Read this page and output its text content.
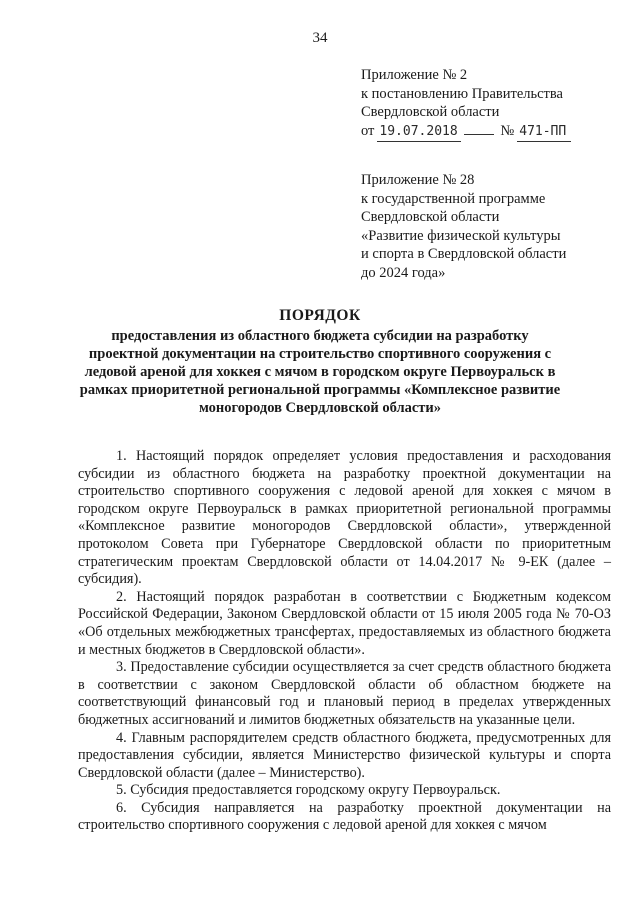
34
Приложение № 2
к постановлению Правительства
Свердловской области
от 19.07.2018	№ 471-ПП
Приложение № 28
к государственной программе
Свердловской области
«Развитие физической культуры
и спорта в Свердловской области
до 2024 года»
ПОРЯДОК
предоставления из областного бюджета субсидии на разработку проектной документации на строительство спортивного сооружения с ледовой ареной для хоккея с мячом в городском округе Первоуральск в рамках приоритетной региональной программы «Комплексное развитие моногородов Свердловской области»

1. Настоящий порядок определяет условия предоставления и расходования субсидии из областного бюджета на разработку проектной документации на строительство спортивного сооружения с ледовой ареной для хоккея с мячом в городском округе Первоуральск в рамках приоритетной региональной программы «Комплексное развитие моногородов Свердловской области», утвержденной протоколом Совета при Губернаторе Свердловской области по приоритетным стратегическим проектам Свердловской области от 14.04.2017 № 9-ЕК (далее – субсидия).

2. Настоящий порядок разработан в соответствии с Бюджетным кодексом Российской Федерации, Законом Свердловской области от 15 июля 2005 года № 70-ОЗ «Об отдельных межбюджетных трансфертах, предоставляемых из областного бюджета и местных бюджетов в Свердловской области».

3. Предоставление субсидии осуществляется за счет средств областного бюджета в соответствии с законом Свердловской области об областном бюджете на соответствующий финансовый год и плановый период в пределах утвержденных бюджетных ассигнований и лимитов бюджетных обязательств на указанные цели.

4. Главным распорядителем средств областного бюджета, предусмотренных для предоставления субсидии, является Министерство физической культуры и спорта Свердловской области (далее – Министерство).

5. Субсидия предоставляется городскому округу Первоуральск.

6. Субсидия направляется на разработку проектной документации на строительство спортивного сооружения с ледовой ареной для хоккея с мячом
